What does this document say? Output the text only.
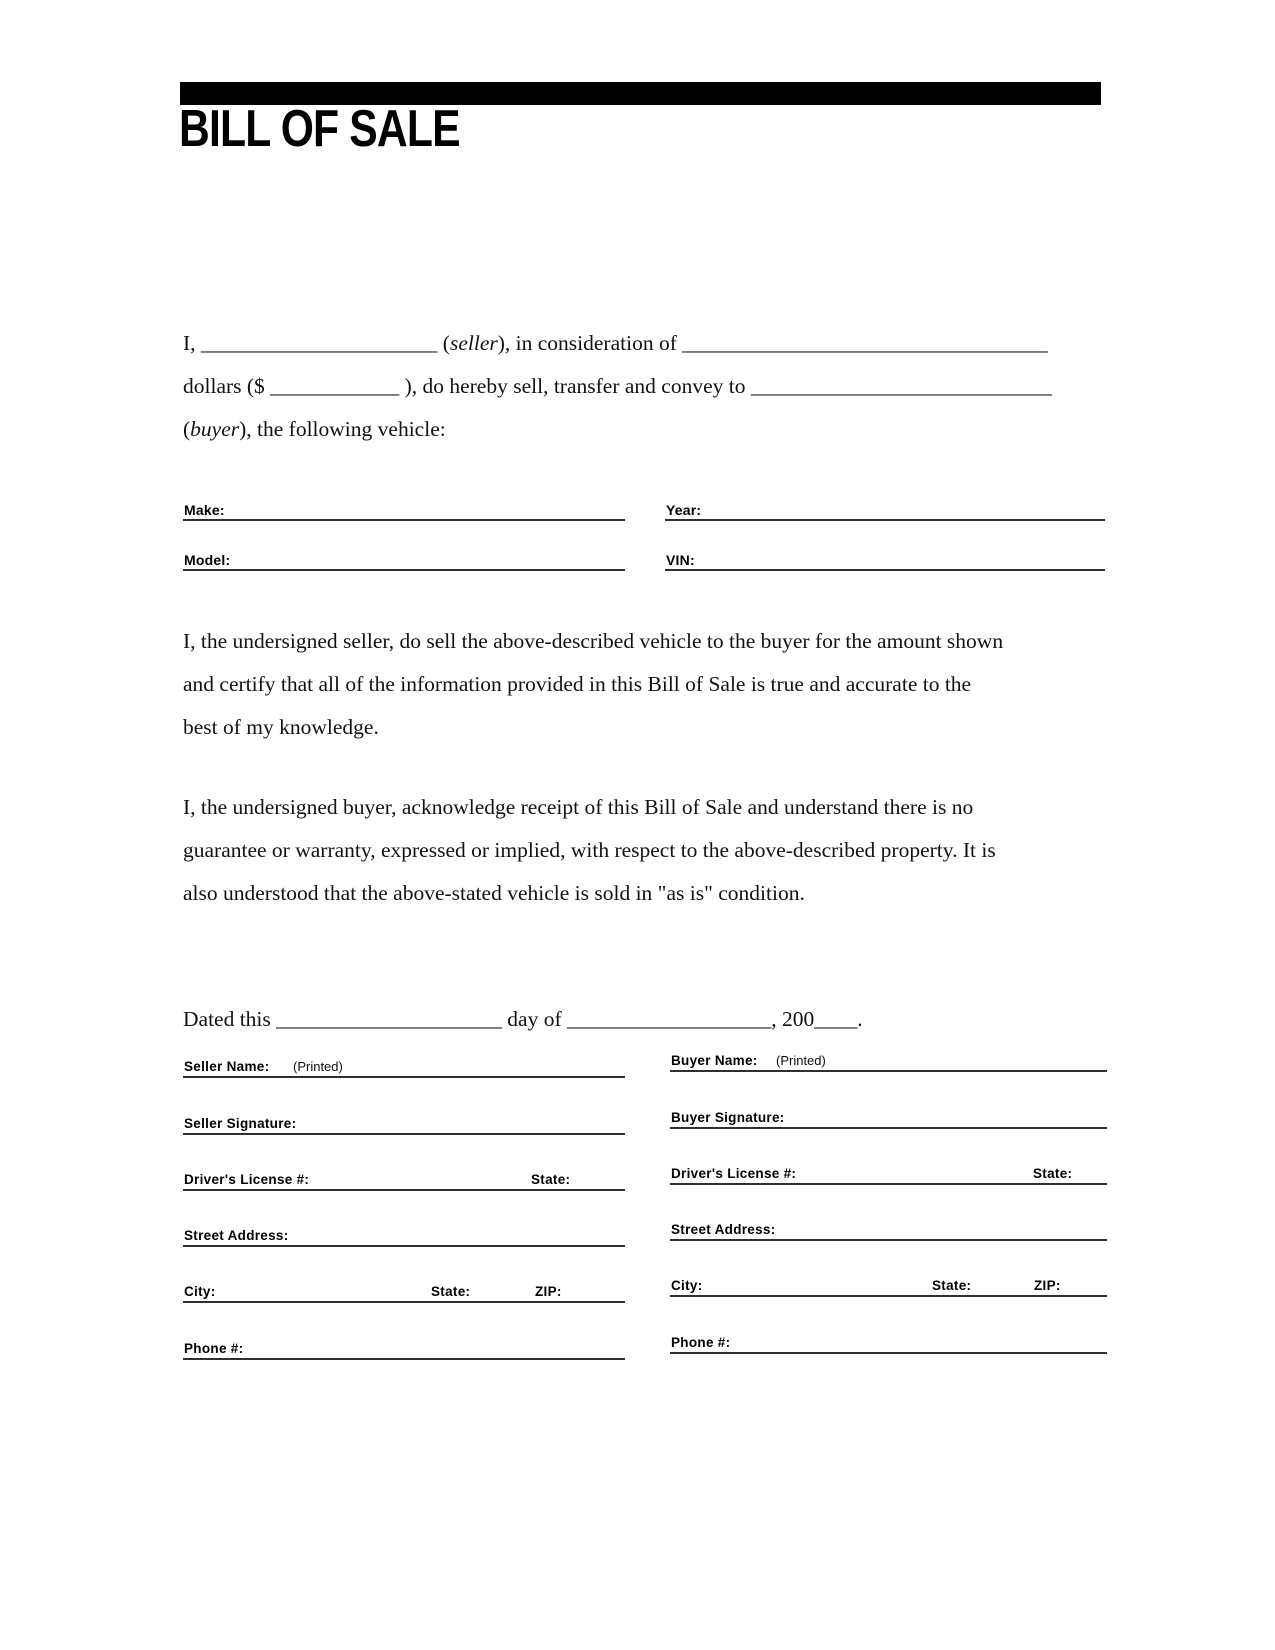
BILL OF SALE
I, ______________________ (seller), in consideration of __________________________________
dollars ($ ____________ ), do hereby sell, transfer and convey to ____________________________
(buyer), the following vehicle:
Make:	Year:
Model:	VIN:
I, the undersigned seller, do sell the above-described vehicle to the buyer for the amount shown
and certify that all of the information provided in this Bill of Sale is true and accurate to the
best of my knowledge.
I, the undersigned buyer, acknowledge receipt of this Bill of Sale and understand there is no
guarantee or warranty, expressed or implied, with respect to the above-described property. It is
also understood that the above-stated vehicle is sold in "as is" condition.
Dated this _____________________ day of ___________________, 200____.
Seller Name: (Printed)
Seller Signature:
Driver's License #:	State:
Street Address:
City:	State:	ZIP:
Phone #:
Buyer Name: (Printed)
Buyer Signature:
Driver's License #:	State:
Street Address:
City:	State:	ZIP:
Phone #:
